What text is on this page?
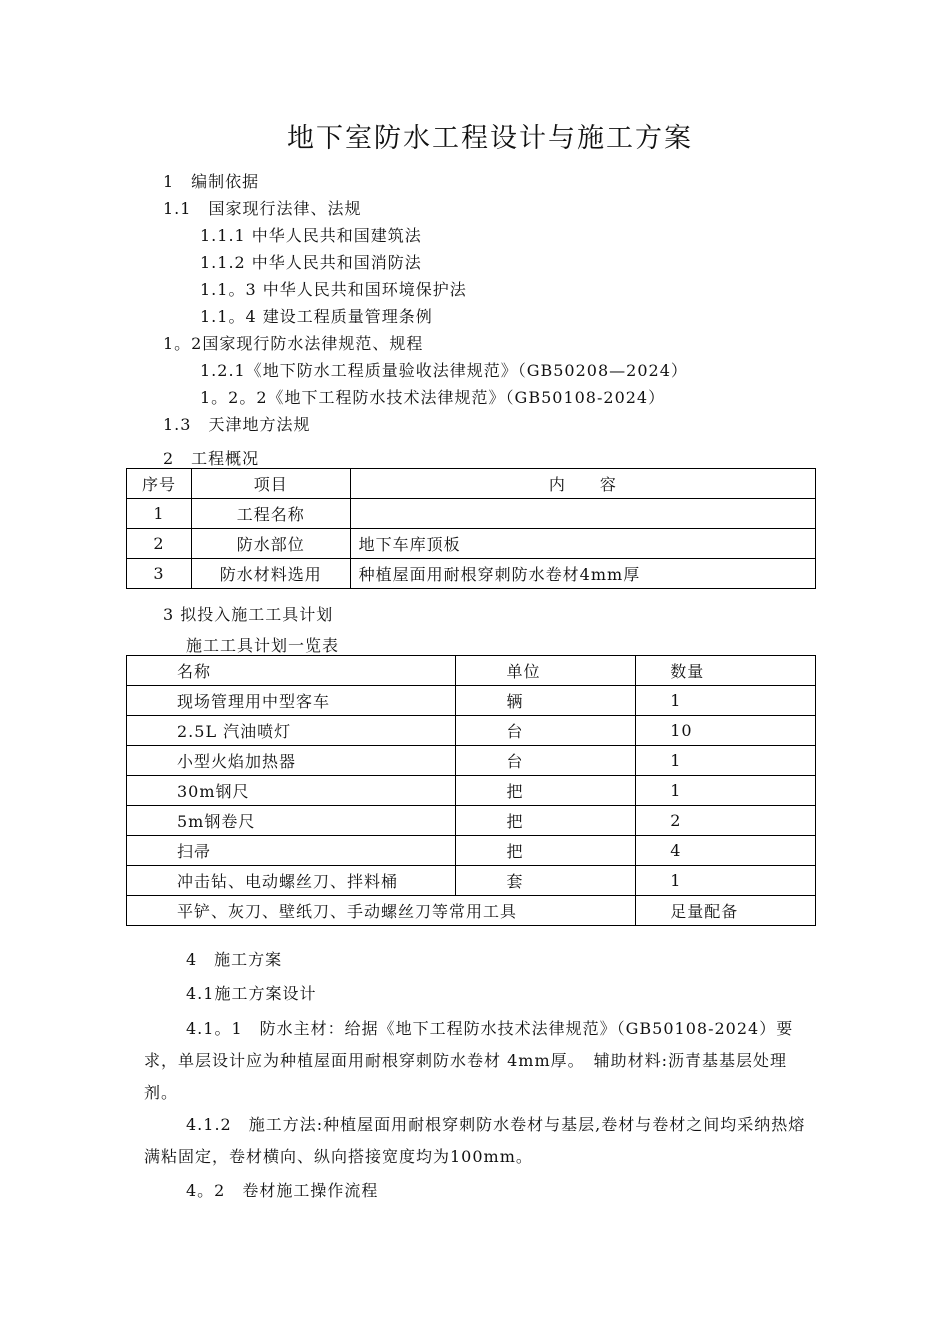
地下室防水工程设计与施工方案
1　编制依据
1.1　国家现行法律、法规
1.1.1 中华人民共和国建筑法
1.1.2 中华人民共和国消防法
1.1。3 中华人民共和国环境保护法
1.1。4 建设工程质量管理条例
1。2国家现行防水法律规范、规程
1.2.1《地下防水工程质量验收法律规范》（GB50208—2024）
1。2。2《地下工程防水技术法律规范》（GB50108-2024）
1.3　天津地方法规
2　工程概况
序号	项目	内　　容
1	工程名称	
2	防水部位	地下车库顶板
3	防水材料选用	种植屋面用耐根穿刺防水卷材4mm厚
3 拟投入施工工具计划
施工工具计划一览表
名称	单位	数量
现场管理用中型客车	辆	1
2.5L 汽油喷灯	台	10
小型火焰加热器	台	1
30m钢尺	把	1
5m钢卷尺	把	2
扫帚	把	4
冲击钻、电动螺丝刀、拌料桶	套	1
平铲、灰刀、壁纸刀、手动螺丝刀等常用工具		足量配备
4　施工方案
4.1施工方案设计
4.1。1　防水主材：给据《地下工程防水技术法律规范》（GB50108-2024）要求，单层设计应为种植屋面用耐根穿刺防水卷材 4mm厚。　辅助材料:沥青基基层处理剂。
4.1.2　施工方法:种植屋面用耐根穿刺防水卷材与基层,卷材与卷材之间均采纳热熔满粘固定，卷材横向、纵向搭接宽度均为100mm。
4。2　卷材施工操作流程
